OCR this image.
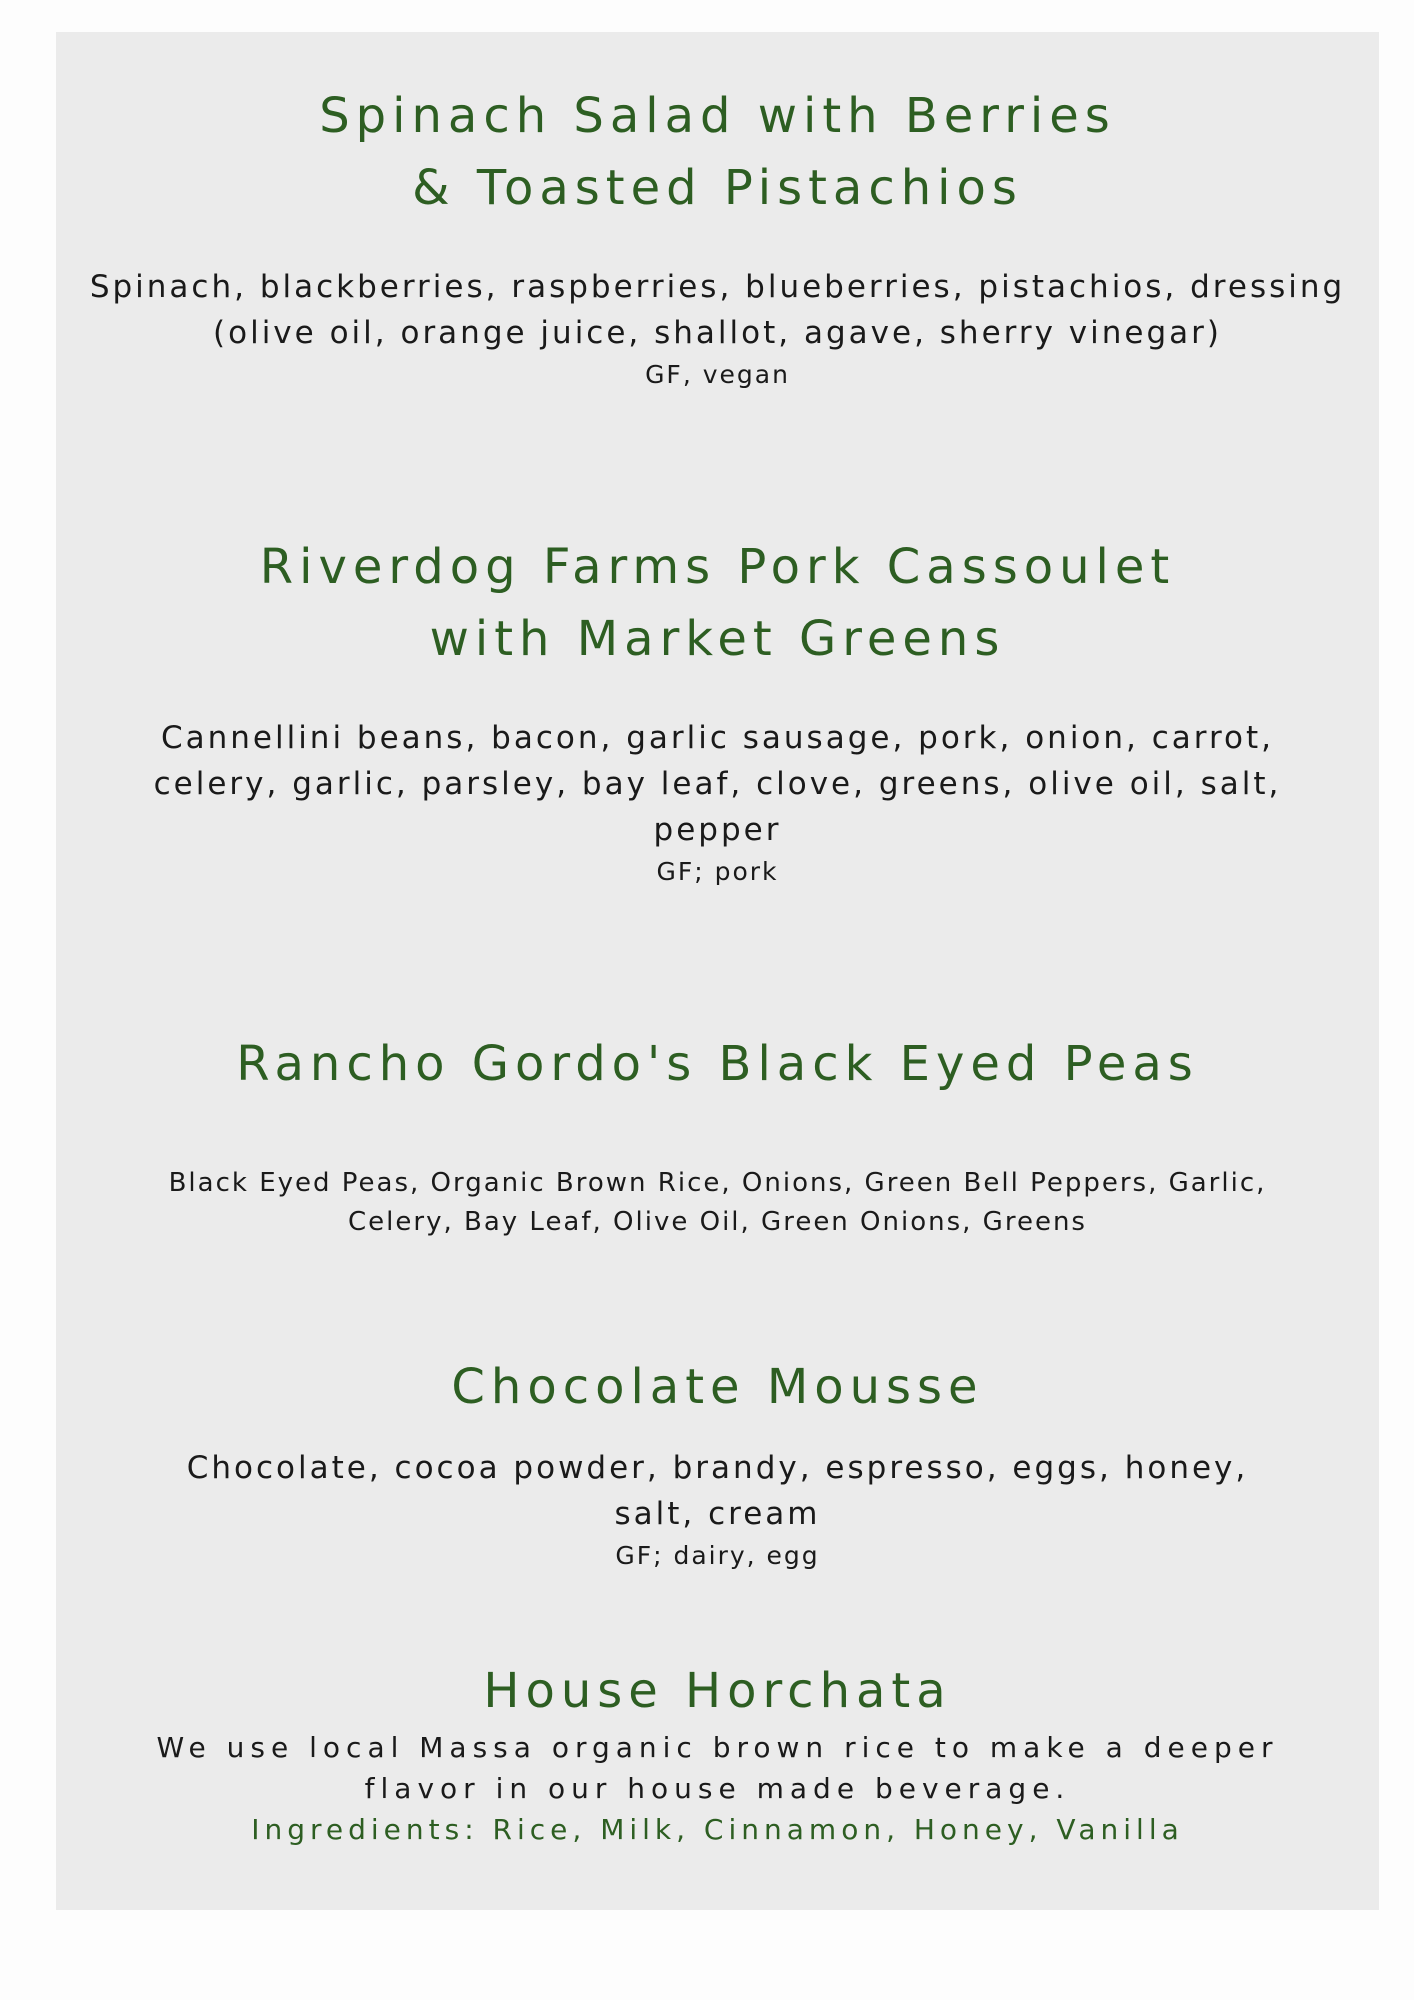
Spinach Salad with Berries
& Toasted Pistachios

Spinach, blackberries, raspberries, blueberries, pistachios, dressing
(olive oil, orange juice, shallot, agave, sherry vinegar)

GF, vegan

Riverdog Farms Pork Cassoulet
with Market Greens

Cannellini beans, bacon, garlic sausage, pork, onion, carrot,
celery, garlic, parsley, bay leaf, clove, greens, olive oil, salt,
pepper

GF; pork

Rancho Gordo's Black Eyed Peas

Black Eyed Peas, Organic Brown Rice, Onions, Green Bell Peppers, Garlic,
Celery, Bay Leaf, Olive Oil, Green Onions, Greens

Chocolate Mousse

Chocolate, cocoa powder, brandy, espresso, eggs, honey,
salt, cream

GF; dairy, egg

House Horchata

We use local Massa organic brown rice to make a deeper
flavor in our house made beverage.

Ingredients: Rice, Milk, Cinnamon, Honey, Vanilla
